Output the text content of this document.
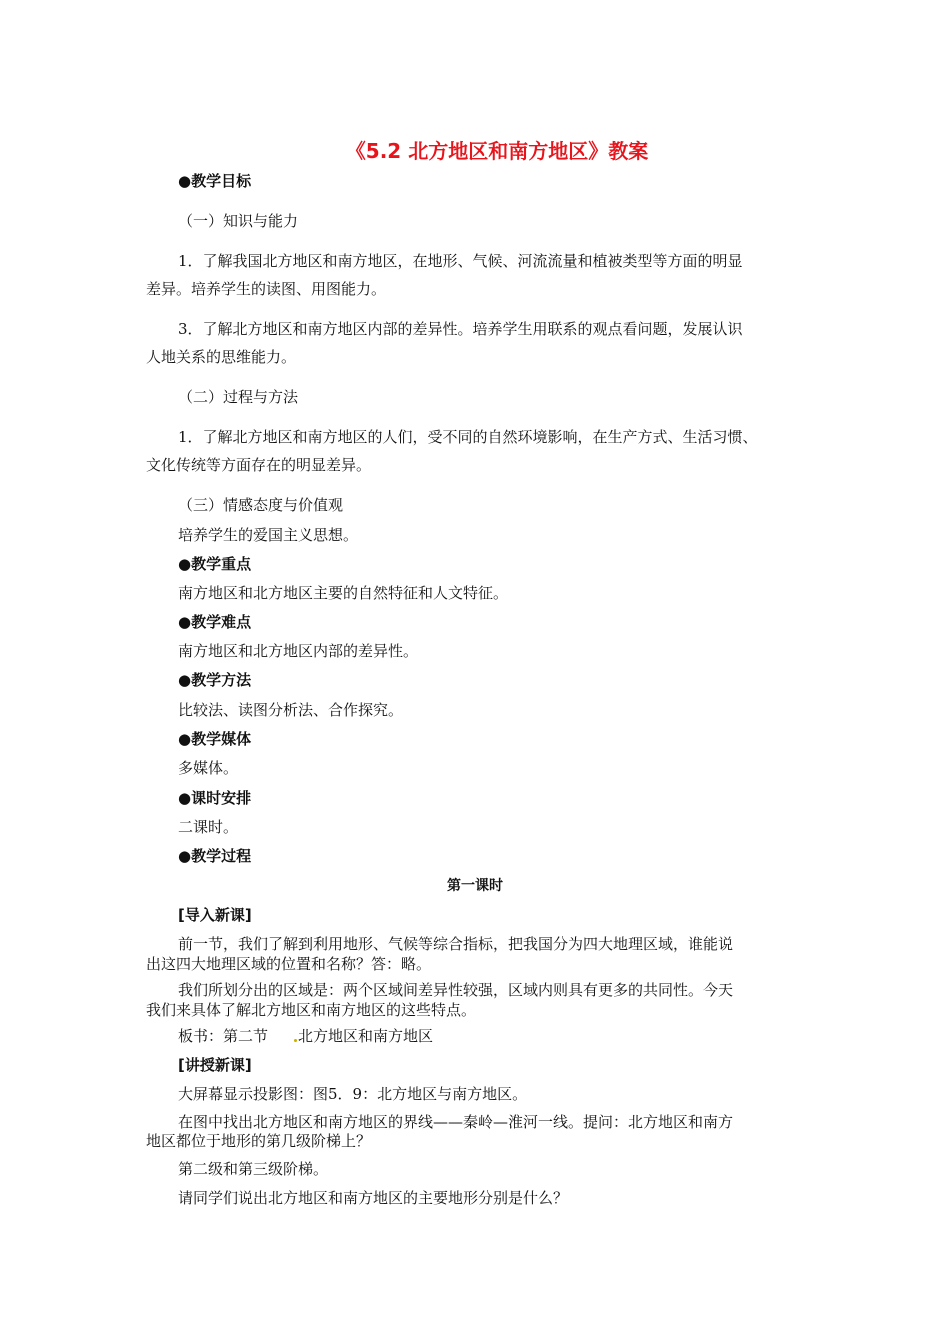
《5.2 北方地区和南方地区》教案
●教学目标
（一）知识与能力
1．了解我国北方地区和南方地区，在地形、气候、河流流量和植被类型等方面的明显
差异。培养学生的读图、用图能力。
3．了解北方地区和南方地区内部的差异性。培养学生用联系的观点看问题，发展认识
人地关系的思维能力。
（二）过程与方法
1．了解北方地区和南方地区的人们，受不同的自然环境影响，在生产方式、生活习惯、
文化传统等方面存在的明显差异。
（三）情感态度与价值观
培养学生的爱国主义思想。
●教学重点
南方地区和北方地区主要的自然特征和人文特征。
●教学难点
南方地区和北方地区内部的差异性。
●教学方法
比较法、读图分析法、合作探究。
●教学媒体
多媒体。
●课时安排
二课时。
●教学过程
第一课时
[导入新课]
前一节，我们了解到利用地形、气候等综合指标，把我国分为四大地理区域，谁能说
出这四大地理区域的位置和名称？答：略。
我们所划分出的区域是：两个区域间差异性较强，区域内则具有更多的共同性。今天
我们来具体了解北方地区和南方地区的这些特点。
板书：第二节 北方地区和南方地区
[讲授新课]
大屏幕显示投影图：图5．9：北方地区与南方地区。
在图中找出北方地区和南方地区的界线——秦岭—淮河一线。提问：北方地区和南方
地区都位于地形的第几级阶梯上？
第二级和第三级阶梯。
请同学们说出北方地区和南方地区的主要地形分别是什么？
